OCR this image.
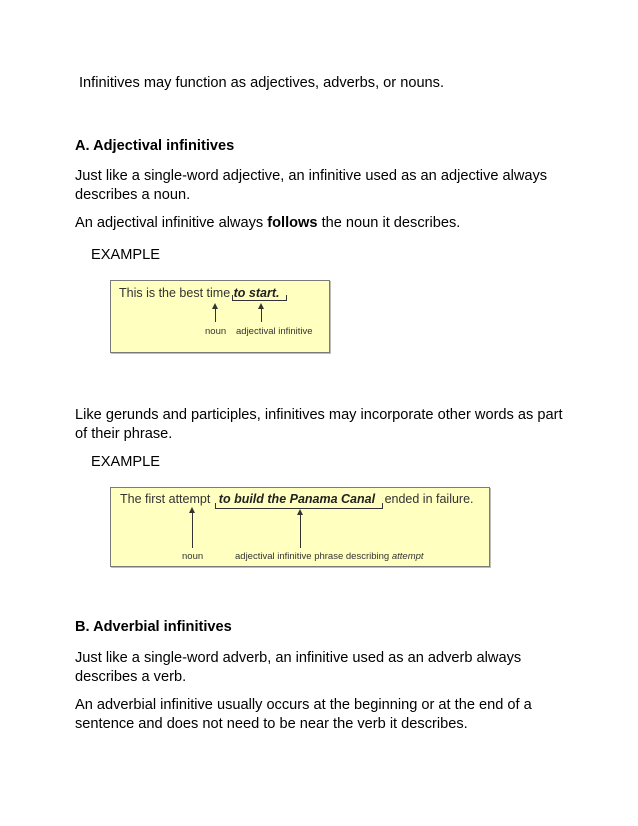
Infinitives may function as adjectives, adverbs, or nouns.

A. Adjectival infinitives

Just like a single-word adjective, an infinitive used as an adjective always describes a noun.

An adjectival infinitive always follows the noun it describes.

EXAMPLE

This is the best time to start.
noun adjectival infinitive

Like gerunds and participles, infinitives may incorporate other words as part of their phrase.

EXAMPLE

The first attempt to build the Panama Canal ended in failure.
noun	adjectival infinitive phrase describing attempt

B. Adverbial infinitives

Just like a single-word adverb, an infinitive used as an adverb always describes a verb.

An adverbial infinitive usually occurs at the beginning or at the end of a sentence and does not need to be near the verb it describes.
